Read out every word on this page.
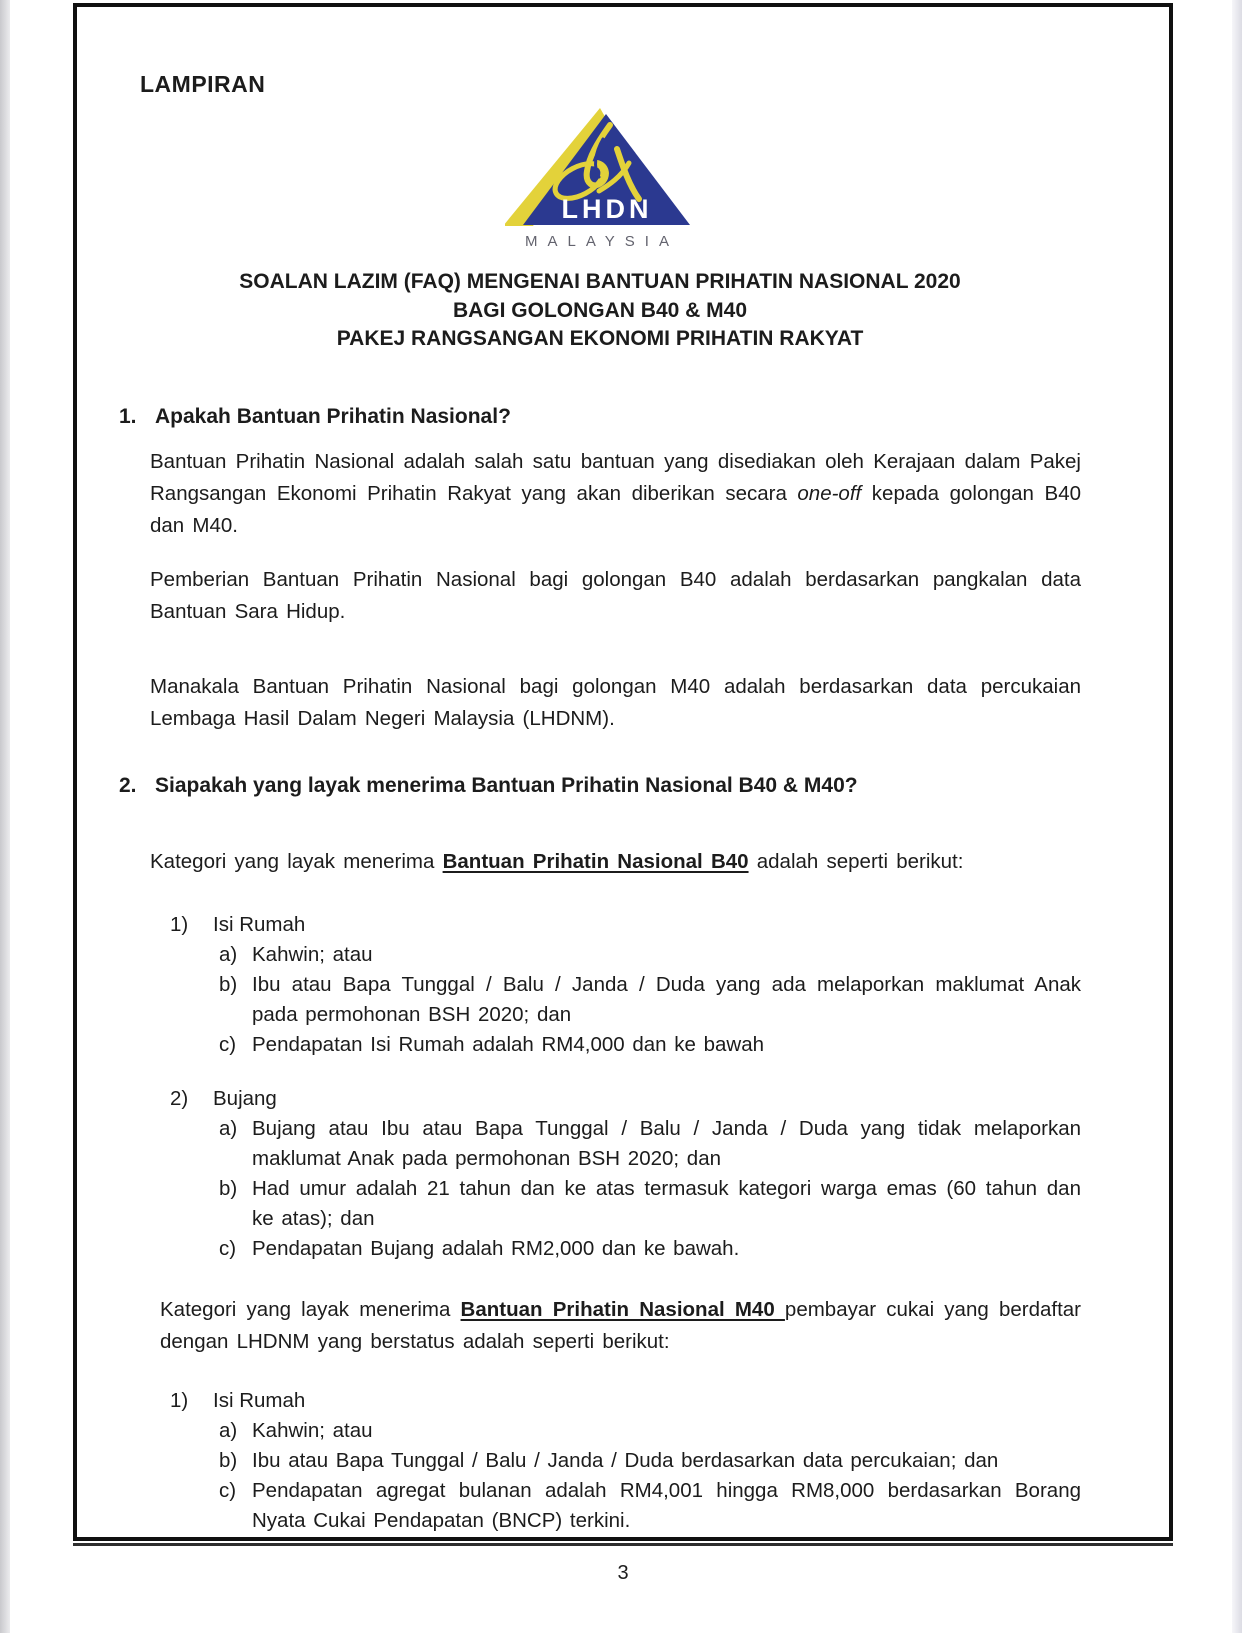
LAMPIRAN
LHDN
MALAYSIA
SOALAN LAZIM (FAQ) MENGENAI BANTUAN PRIHATIN NASIONAL 2020
BAGI GOLONGAN B40 & M40
PAKEJ RANGSANGAN EKONOMI PRIHATIN RAKYAT
1. Apakah Bantuan Prihatin Nasional?

Bantuan Prihatin Nasional adalah salah satu bantuan yang disediakan oleh Kerajaan dalam Pakej Rangsangan Ekonomi Prihatin Rakyat yang akan diberikan secara one-off kepada golongan B40 dan M40.

Pemberian Bantuan Prihatin Nasional bagi golongan B40 adalah berdasarkan pangkalan data Bantuan Sara Hidup.

Manakala Bantuan Prihatin Nasional bagi golongan M40 adalah berdasarkan data percukaian Lembaga Hasil Dalam Negeri Malaysia (LHDNM).

2. Siapakah yang layak menerima Bantuan Prihatin Nasional B40 & M40?

Kategori yang layak menerima Bantuan Prihatin Nasional B40 adalah seperti berikut:

1)	Isi Rumah
a) Kahwin; atau
b) Ibu atau Bapa Tunggal / Balu / Janda / Duda yang ada melaporkan maklumat Anak pada permohonan BSH 2020; dan
c) Pendapatan Isi Rumah adalah RM4,000 dan ke bawah
2)	Bujang
a) Bujang atau Ibu atau Bapa Tunggal / Balu / Janda / Duda yang tidak melaporkan maklumat Anak pada permohonan BSH 2020; dan
b) Had umur adalah 21 tahun dan ke atas termasuk kategori warga emas (60 tahun dan ke atas); dan
c) Pendapatan Bujang adalah RM2,000 dan ke bawah.

Kategori yang layak menerima Bantuan Prihatin Nasional M40 pembayar cukai yang berdaftar dengan LHDNM yang berstatus adalah seperti berikut:

1)	Isi Rumah
a) Kahwin; atau
b) Ibu atau Bapa Tunggal / Balu / Janda / Duda berdasarkan data percukaian; dan
c) Pendapatan agregat bulanan adalah RM4,001 hingga RM8,000 berdasarkan Borang Nyata Cukai Pendapatan (BNCP) terkini.
3
